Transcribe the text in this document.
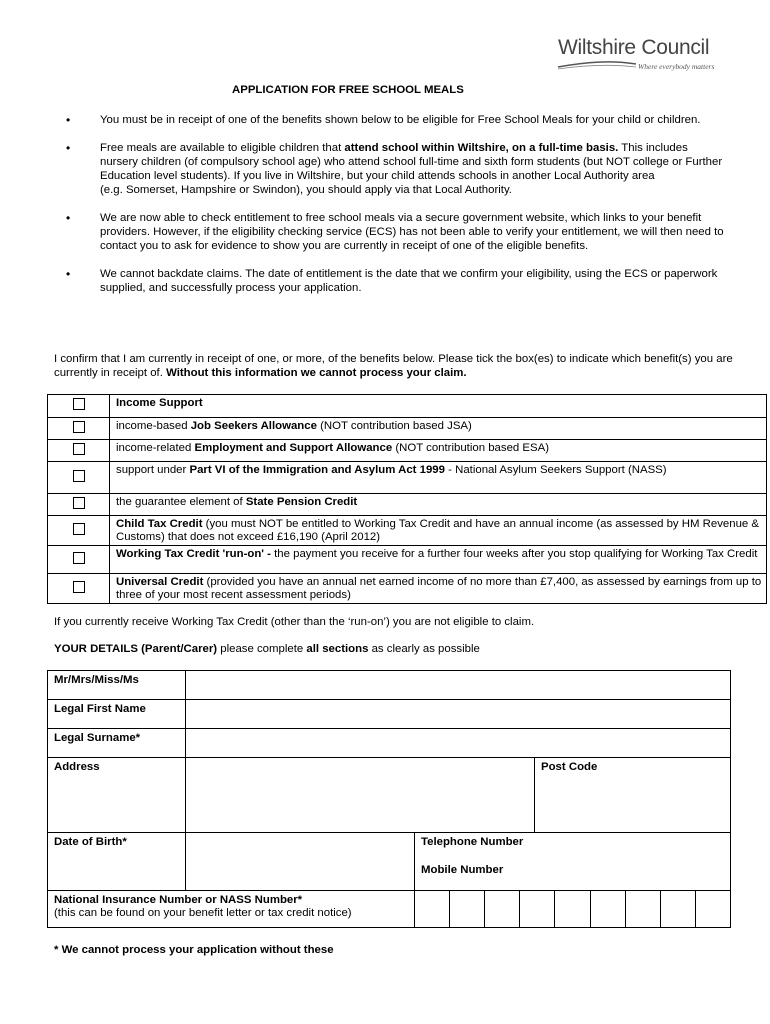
Wiltshire Council
Where everybody matters
APPLICATION FOR FREE SCHOOL MEALS
• You must be in receipt of one of the benefits shown below to be eligible for Free School Meals for your child or children.
• Free meals are available to eligible children that attend school within Wiltshire, on a full-time basis. This includes nursery children (of compulsory school age) who attend school full-time and sixth form students (but NOT college or Further Education level students). If you live in Wiltshire, but your child attends schools in another Local Authority area
(e.g. Somerset, Hampshire or Swindon), you should apply via that Local Authority.
• We are now able to check entitlement to free school meals via a secure government website, which links to your benefit providers. However, if the eligibility checking service (ECS) has not been able to verify your entitlement, we will then need to contact you to ask for evidence to show you are currently in receipt of one of the eligible benefits.
• We cannot backdate claims. The date of entitlement is the date that we confirm your eligibility, using the ECS or paperwork supplied, and successfully process your application.
I confirm that I am currently in receipt of one, or more, of the benefits below. Please tick the box(es) to indicate which benefit(s) you are currently in receipt of. Without this information we cannot process your claim.
	Income Support
	income-based Job Seekers Allowance (NOT contribution based JSA)
	income-related Employment and Support Allowance (NOT contribution based ESA)
	support under Part VI of the Immigration and Asylum Act 1999 - National Asylum Seekers Support (NASS)
	the guarantee element of State Pension Credit
	Child Tax Credit (you must NOT be entitled to Working Tax Credit and have an annual income (as assessed by HM Revenue & Customs) that does not exceed £16,190 (April 2012)
	Working Tax Credit 'run-on' - the payment you receive for a further four weeks after you stop qualifying for Working Tax Credit
	Universal Credit (provided you have an annual net earned income of no more than £7,400, as assessed by earnings from up to three of your most recent assessment periods)
If you currently receive Working Tax Credit (other than the ‘run-on’) you are not eligible to claim.
YOUR DETAILS (Parent/Carer) please complete all sections as clearly as possible
Mr/Mrs/Miss/Ms			
Legal First Name			
Legal Surname*			
Address			Post Code
Date of Birth*		Telephone Number
Mobile Number	

National Insurance Number or NASS Number*
(this can be found on your benefit letter or tax credit notice)			

* We cannot process your application without these
